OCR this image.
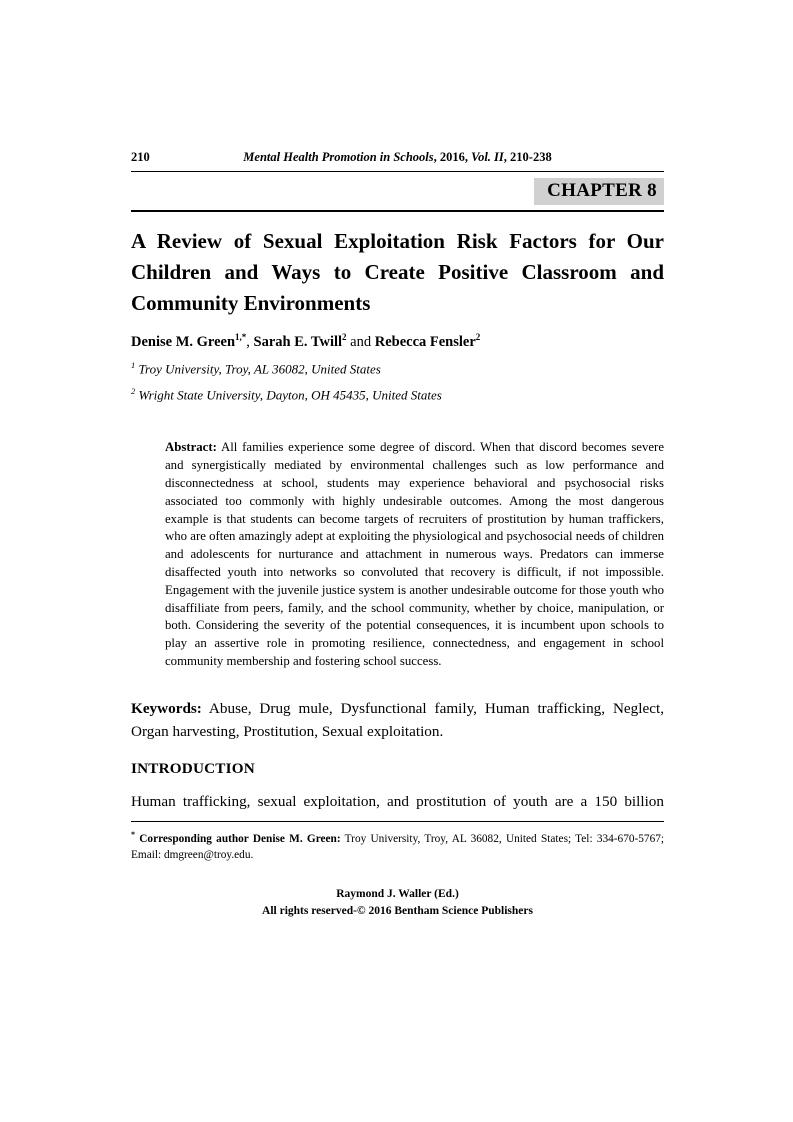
210	Mental Health Promotion in Schools, 2016, Vol. II, 210-238
CHAPTER 8
A Review of Sexual Exploitation Risk Factors for Our Children and Ways to Create Positive Classroom and Community Environments
Denise M. Green$^{1,*}$, Sarah E. Twill$^2$ and Rebecca Fensler$^2$
$^1$ Troy University, Troy, AL 36082, United States
$^2$ Wright State University, Dayton, OH 45435, United States
Abstract: All families experience some degree of discord. When that discord becomes severe and synergistically mediated by environmental challenges such as low performance and disconnectedness at school, students may experience behavioral and psychosocial risks associated too commonly with highly undesirable outcomes. Among the most dangerous example is that students can become targets of recruiters of prostitution by human traffickers, who are often amazingly adept at exploiting the physiological and psychosocial needs of children and adolescents for nurturance and attachment in numerous ways. Predators can immerse disaffected youth into networks so convoluted that recovery is difficult, if not impossible. Engagement with the juvenile justice system is another undesirable outcome for those youth who disaffiliate from peers, family, and the school community, whether by choice, manipulation, or both. Considering the severity of the potential consequences, it is incumbent upon schools to play an assertive role in promoting resilience, connectedness, and engagement in school community membership and fostering school success.
Keywords: Abuse, Drug mule, Dysfunctional family, Human trafficking, Neglect, Organ harvesting, Prostitution, Sexual exploitation.
INTRODUCTION
Human trafficking, sexual exploitation, and prostitution of youth are a 150 billion
* Corresponding author Denise M. Green: Troy University, Troy, AL 36082, United States; Tel: 334-670-5767; Email: dmgreen@troy.edu.
Raymond J. Waller (Ed.)
All rights reserved-© 2016 Bentham Science Publishers
